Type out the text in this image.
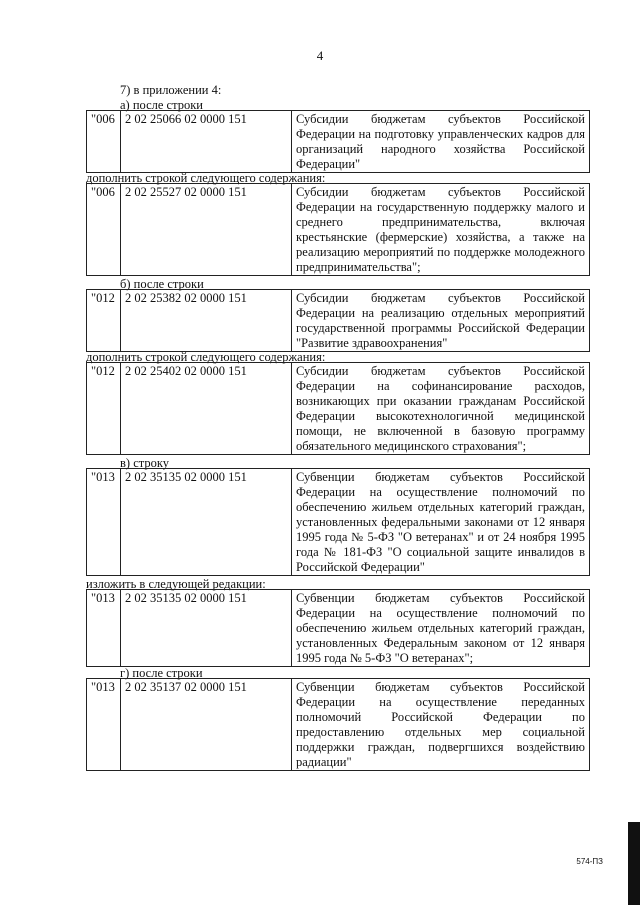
4
7) в приложении 4:
а) после строки
"006	2 02 25066 02 0000 151	Субсидии бюджетам субъектов Российской Федерации на подготовку управленческих кадров для организаций народного хозяйства Российской Федерации"
дополнить строкой следующего содержания:
"006	2 02 25527 02 0000 151	Субсидии бюджетам субъектов Российской Федерации на государственную поддержку малого и среднего предпринимательства, включая крестьянские (фермерские) хозяйства, а также на реализацию мероприятий по поддержке молодежного предпринимательства";
б) после строки
"012	2 02 25382 02 0000 151	Субсидии бюджетам субъектов Российской Федерации на реализацию отдельных мероприятий государственной программы Российской Федерации "Развитие здравоохранения"
дополнить строкой следующего содержания:
"012	2 02 25402 02 0000 151	Субсидии бюджетам субъектов Российской Федерации на софинансирование расходов, возникающих при оказании гражданам Российской Федерации высокотехнологичной медицинской помощи, не включенной в базовую программу обязательного медицинского страхования";
в) строку
"013	2 02 35135 02 0000 151	Субвенции бюджетам субъектов Российской Федерации на осуществление полномочий по обеспечению жильем отдельных категорий граждан, установленных федеральными законами от 12 января 1995 года № 5-ФЗ "О ветеранах" и от 24 ноября 1995 года № 181-ФЗ "О социальной защите инвалидов в Российской Федерации"
изложить в следующей редакции:
"013	2 02 35135 02 0000 151	Субвенции бюджетам субъектов Российской Федерации на осуществление полномочий по обеспечению жильем отдельных категорий граждан, установленных Федеральным законом от 12 января 1995 года № 5-ФЗ "О ветеранах";
г) после строки
"013	2 02 35137 02 0000 151	Субвенции бюджетам субъектов Российской Федерации на осуществление переданных полномочий Российской Федерации по предоставлению отдельных мер социальной поддержки граждан, подвергшихся воздействию радиации"
574-ПЗ
